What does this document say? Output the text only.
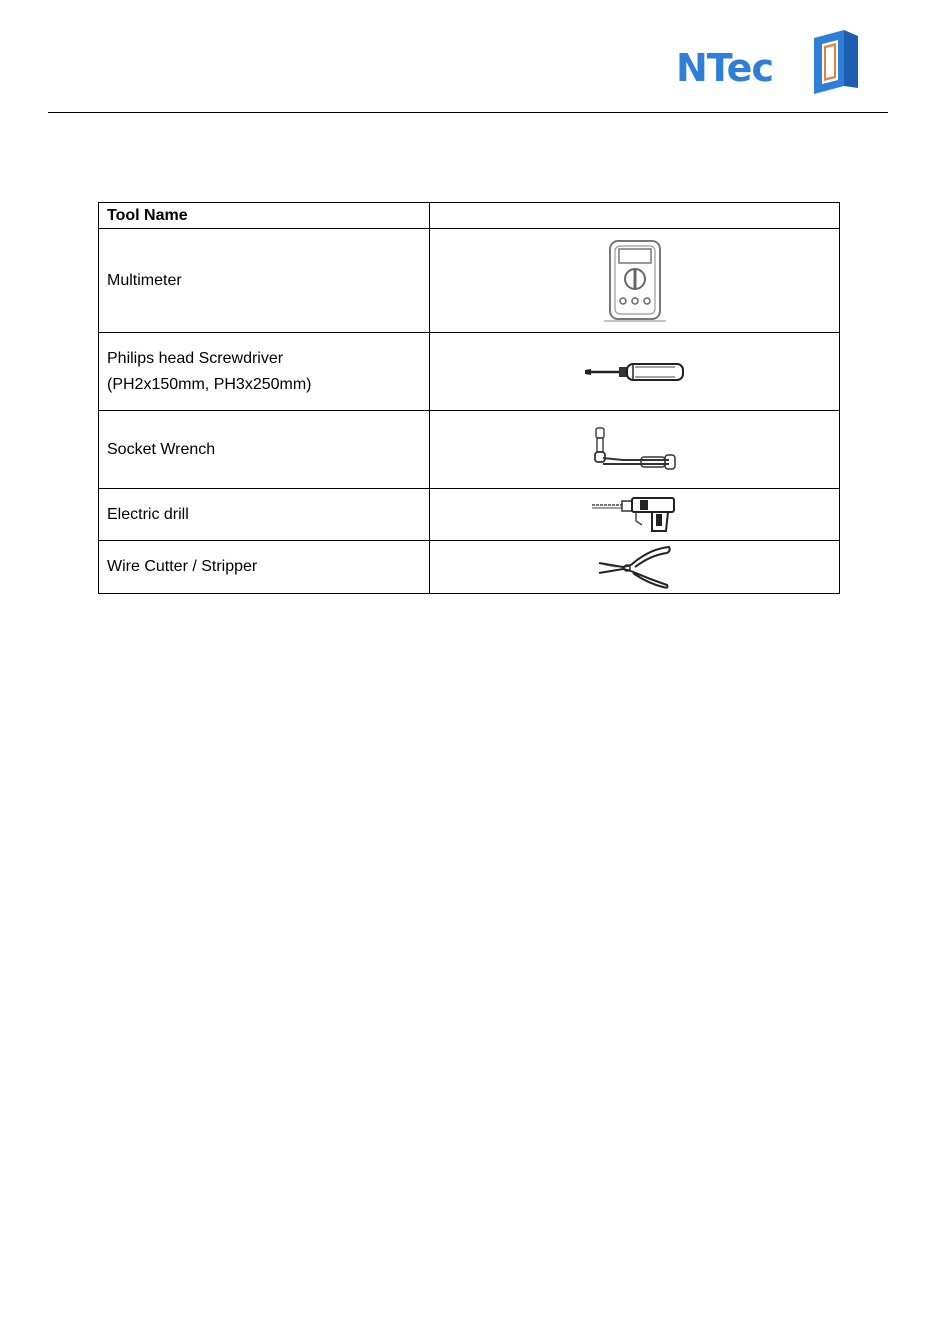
NTec
Tool Name	

Multimeter

Philips head Screwdriver
(PH2x150mm, PH3x250mm)

Socket Wrench

Electric drill

Wire Cutter / Stripper
